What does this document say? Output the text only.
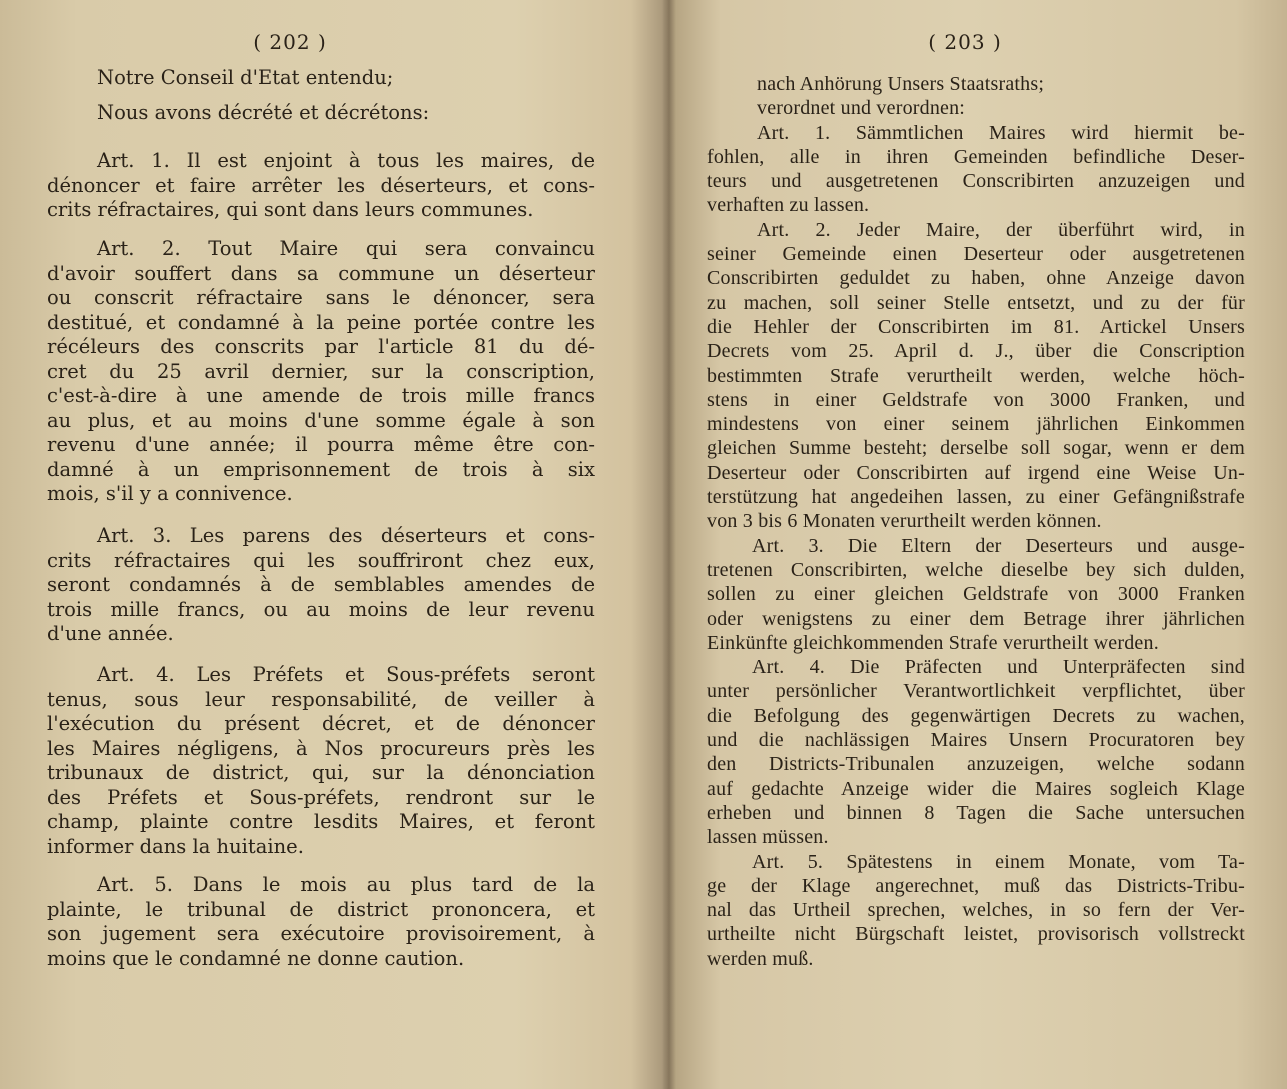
( 202 )
Notre Conseil d'Etat entendu;
Nous avons décrété et décrétons:
Art. 1. Il est enjoint à tous les maires, de
dénoncer et faire arrêter les déserteurs, et cons-
crits réfractaires, qui sont dans leurs communes.
Art. 2. Tout Maire qui sera convaincu
d'avoir souffert dans sa commune un déserteur
ou conscrit réfractaire sans le dénoncer, sera
destitué, et condamné à la peine portée contre les
récéleurs des conscrits par l'article 81 du dé-
cret du 25 avril dernier, sur la conscription,
c'est-à-dire à une amende de trois mille francs
au plus, et au moins d'une somme égale à son
revenu d'une année; il pourra même être con-
damné à un emprisonnement de trois à six
mois, s'il y a connivence.
Art. 3. Les parens des déserteurs et cons-
crits réfractaires qui les souffriront chez eux,
seront condamnés à de semblables amendes de
trois mille francs, ou au moins de leur revenu
d'une année.
Art. 4. Les Préfets et Sous-préfets seront
tenus, sous leur responsabilité, de veiller à
l'exécution du présent décret, et de dénoncer
les Maires négligens, à Nos procureurs près les
tribunaux de district, qui, sur la dénonciation
des Préfets et Sous-préfets, rendront sur le
champ, plainte contre lesdits Maires, et feront
informer dans la huitaine.
Art. 5. Dans le mois au plus tard de la
plainte, le tribunal de district prononcera, et
son jugement sera exécutoire provisoirement, à
moins que le condamné ne donne caution.
( 203 )
nach Anhörung Unsers Staatsraths;
verordnet und verordnen:
Art. 1. Sämmtlichen Maires wird hiermit be-
fohlen, alle in ihren Gemeinden befindliche Deser-
teurs und ausgetretenen Conscribirten anzuzeigen und
verhaften zu lassen.
Art. 2. Jeder Maire, der überführt wird, in
seiner Gemeinde einen Deserteur oder ausgetretenen
Conscribirten geduldet zu haben, ohne Anzeige davon
zu machen, soll seiner Stelle entsetzt, und zu der für
die Hehler der Conscribirten im 81. Artickel Unsers
Decrets vom 25. April d. J., über die Conscription
bestimmten Strafe verurtheilt werden, welche höch-
stens in einer Geldstrafe von 3000 Franken, und
mindestens von einer seinem jährlichen Einkommen
gleichen Summe besteht; derselbe soll sogar, wenn er dem
Deserteur oder Conscribirten auf irgend eine Weise Un-
terstützung hat angedeihen lassen, zu einer Gefängnißstrafe
von 3 bis 6 Monaten verurtheilt werden können.
Art. 3. Die Eltern der Deserteurs und ausge-
tretenen Conscribirten, welche dieselbe bey sich dulden,
sollen zu einer gleichen Geldstrafe von 3000 Franken
oder wenigstens zu einer dem Betrage ihrer jährlichen
Einkünfte gleichkommenden Strafe verurtheilt werden.
Art. 4. Die Präfecten und Unterpräfecten sind
unter persönlicher Verantwortlichkeit verpflichtet, über
die Befolgung des gegenwärtigen Decrets zu wachen,
und die nachlässigen Maires Unsern Procuratoren bey
den Districts-Tribunalen anzuzeigen, welche sodann
auf gedachte Anzeige wider die Maires sogleich Klage
erheben und binnen 8 Tagen die Sache untersuchen
lassen müssen.
Art. 5. Spätestens in einem Monate, vom Ta-
ge der Klage angerechnet, muß das Districts-Tribu-
nal das Urtheil sprechen, welches, in so fern der Ver-
urtheilte nicht Bürgschaft leistet, provisorisch vollstreckt
werden muß.
